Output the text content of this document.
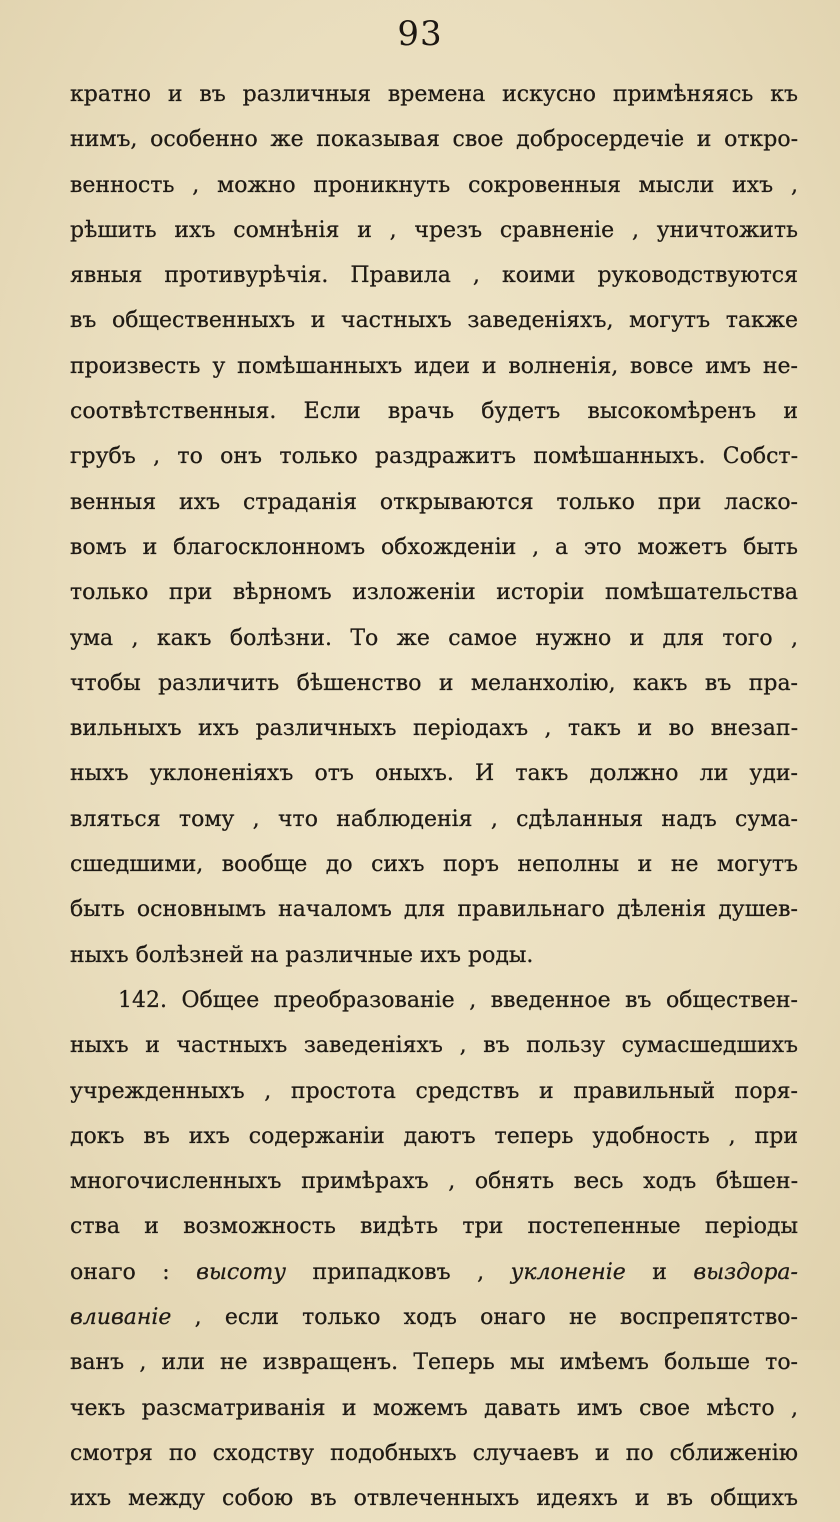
93
кратно и въ различныя времена искусно примѣняясь къ
нимъ, особенно же показывая свое добросердечіе и откро-
венность , можно проникнуть сокровенныя мысли ихъ ,
рѣшить ихъ сомнѣнія и , чрезъ сравненіе , уничтожить
явныя противурѣчія. Правила , коими руководствуются
въ общественныхъ и частныхъ заведеніяхъ, могутъ также
произвесть у помѣшанныхъ идеи и волненія, вовсе имъ не-
соотвѣтственныя. Если врачь будетъ высокомѣренъ и
грубъ , то онъ только раздражитъ помѣшанныхъ. Собст-
венныя ихъ страданія открываются только при ласко-
вомъ и благосклонномъ обхожденіи , а это можетъ быть
только при вѣрномъ изложеніи исторіи помѣшательства
ума , какъ болѣзни. То же самое нужно и для того ,
чтобы различить бѣшенство и меланхолію, какъ въ пра-
вильныхъ ихъ различныхъ періодахъ , такъ и во внезап-
ныхъ уклоненіяхъ отъ оныхъ. И такъ должно ли уди-
вляться тому , что наблюденія , сдѣланныя надъ сума-
сшедшими, вообще до сихъ поръ неполны и не могутъ
быть основнымъ началомъ для правильнаго дѣленія душев-
ныхъ болѣзней на различные ихъ роды.
142. Общее преобразованіе , введенное въ обществен-
ныхъ и частныхъ заведеніяхъ , въ пользу сумасшедшихъ
учрежденныхъ , простота средствъ и правильный поря-
докъ въ ихъ содержаніи даютъ теперь удобность , при
многочисленныхъ примѣрахъ , обнять весь ходъ бѣшен-
ства и возможность видѣть три постепенные періоды
онаго : высоту припадковъ , уклоненіе и выздора-
вливаніе , если только ходъ онаго не воспрепятство-
ванъ , или не извращенъ. Теперь мы имѣемъ больше то-
чекъ разсматриванія и можемъ давать имъ свое мѣсто ,
смотря по сходству подобныхъ случаевъ и по сближенію
ихъ между собою въ отвлеченныхъ идеяхъ и въ общихъ
